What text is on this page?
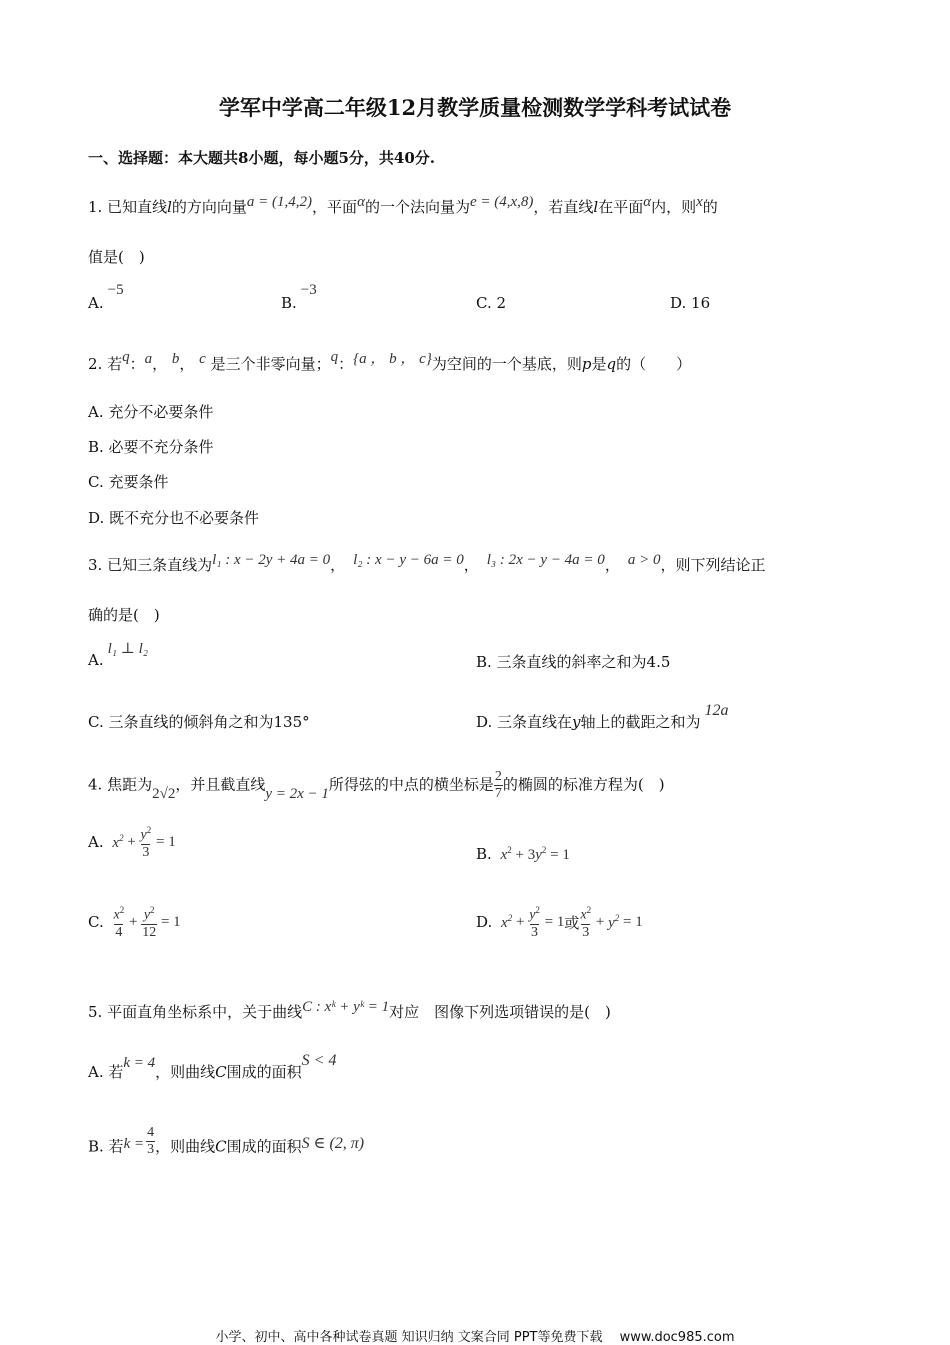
学军中学高二年级12月教学质量检测数学学科考试试卷
一、选择题：本大题共8小题，每小题5分，共40分.
1. 已知直线l的方向向量a = (1,4,2)，平面α的一个法向量为e = (4,x,8)，若直线l在平面α内，则x的
值是(　)
A.−5
B.−3
C. 2	D. 16
2. 若q：a， b， c 是三个非零向量；q：{a ， b ， c}为空间的一个基底，则p是q的（　　）
A. 充分不必要条件
B. 必要不充分条件
C. 充要条件
D. 既不充分也不必要条件
3. 已知三条直线为l₁ : x − 2y + 4a = 0， l₂ : x − y − 6a = 0， l₃ : 2x − y − 4a = 0， a > 0，则下列结论正
确的是(　)
A.l₁ ⊥ l₂
B. 三条直线的斜率之和为4.5
C. 三条直线的倾斜角之和为135°	D. 三条直线在y轴上的截距之和为12a
4. 焦距为2√2，并且截直线y = 2x − 1所得弦的中点的横坐标是 $\frac{2}{7}$ 的椭圆的标准方程为(　)
A. $x^2 + \frac{y^2}{3} = 1$
B. $x^2 + 3y^2 = 1$
C. $\frac{x^2}{4} + \frac{y^2}{12} = 1$	D. $x^2 + \frac{y^2}{3} = 1$ 或 $\frac{x^2}{3} + y^2 = 1$
5. 平面直角坐标系中，关于曲线C : xᵏ + yᵏ = 1对应　图像下列选项错误的是(　)
A. 若k = 4，则曲线C围成的面积S < 4
B. 若$k = \frac{4}{3}$ ，则曲线C围成的面积S ∈ (2, π)
小学、初中、高中各种试卷真题 知识归纳 文案合同 PPT等免费下载　 www.doc985.com
